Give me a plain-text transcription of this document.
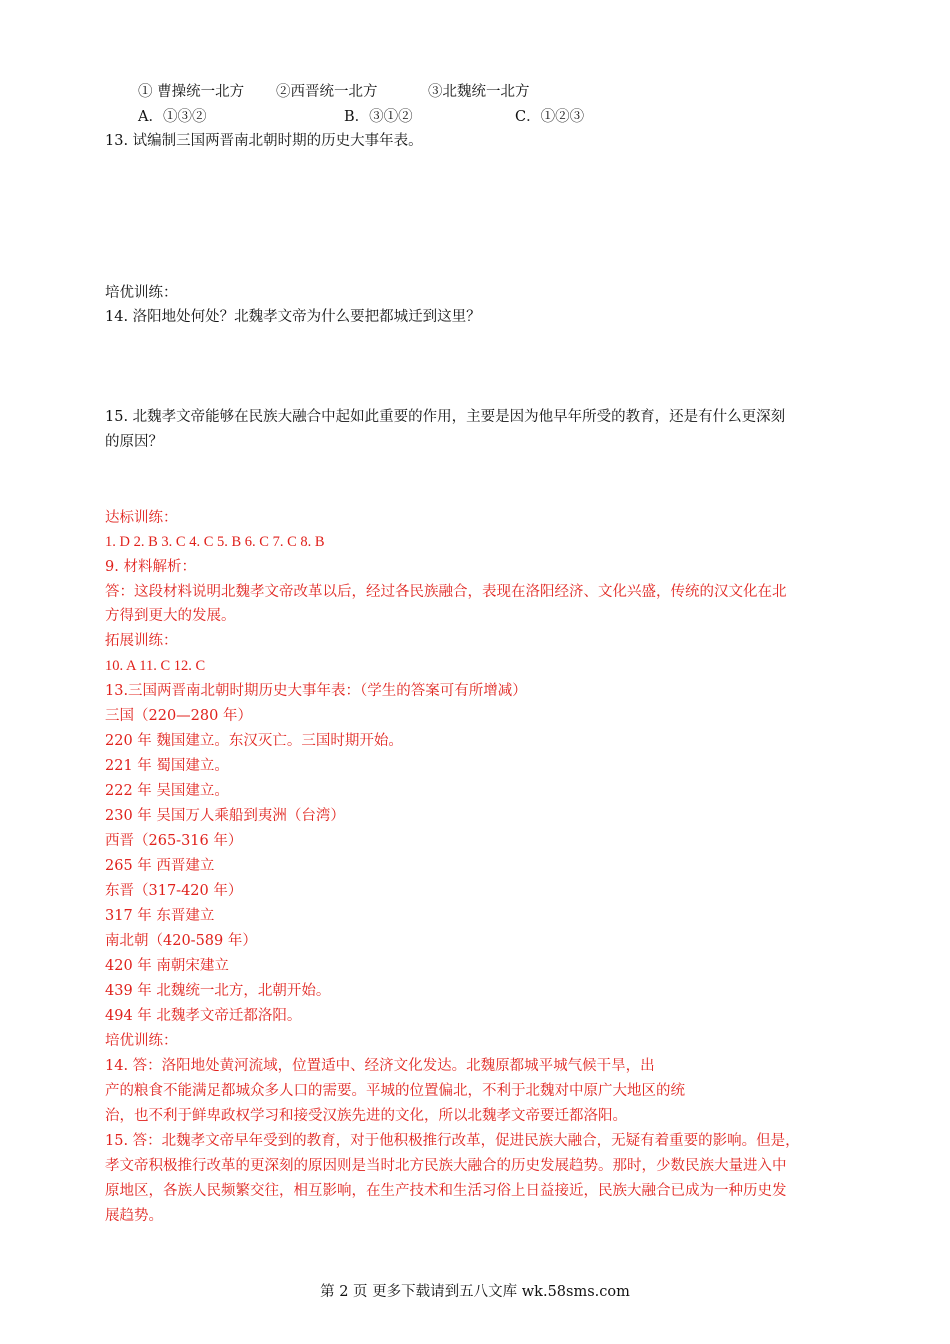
① 曹操统一北方 ②西晋统一北方	③北魏统一北方
A．①③②	B．③①②	C．①②③
13. 试编制三国两晋南北朝时期的历史大事年表。
培优训练：
14. 洛阳地处何处？北魏孝文帝为什么要把都城迁到这里？
15. 北魏孝文帝能够在民族大融合中起如此重要的作用，主要是因为他早年所受的教育，还是有什么更深刻
的原因？
达标训练：
1. D 2. B 3. C 4. C 5. B 6. C 7. C 8. B
9. 材料解析：
答：这段材料说明北魏孝文帝改革以后，经过各民族融合，表现在洛阳经济、文化兴盛，传统的汉文化在北
方得到更大的发展。
拓展训练：
10. A 11. C 12. C
13.三国两晋南北朝时期历史大事年表：（学生的答案可有所增减）
三国（220—280 年）
220 年 魏国建立。东汉灭亡。三国时期开始。
221 年 蜀国建立。
222 年 吴国建立。
230 年 吴国万人乘船到夷洲（台湾）
西晋（265-316 年）
265 年 西晋建立
东晋（317-420 年）
317 年 东晋建立
南北朝（420-589 年）
420 年 南朝宋建立
439 年 北魏统一北方，北朝开始。
494 年 北魏孝文帝迁都洛阳。
培优训练：
14. 答：洛阳地处黄河流域，位置适中、经济文化发达。北魏原都城平城气候干旱，出
产的粮食不能满足都城众多人口的需要。平城的位置偏北，不利于北魏对中原广大地区的统
治，也不利于鲜卑政权学习和接受汉族先进的文化，所以北魏孝文帝要迁都洛阳。
15. 答：北魏孝文帝早年受到的教育，对于他积极推行改革，促进民族大融合，无疑有着重要的影响。但是，
孝文帝积极推行改革的更深刻的原因则是当时北方民族大融合的历史发展趋势。那时，少数民族大量进入中
原地区，各族人民频繁交往，相互影响，在生产技术和生活习俗上日益接近，民族大融合已成为一种历史发
展趋势。
第 2 页 更多下载请到五八文库 wk.58sms.com
